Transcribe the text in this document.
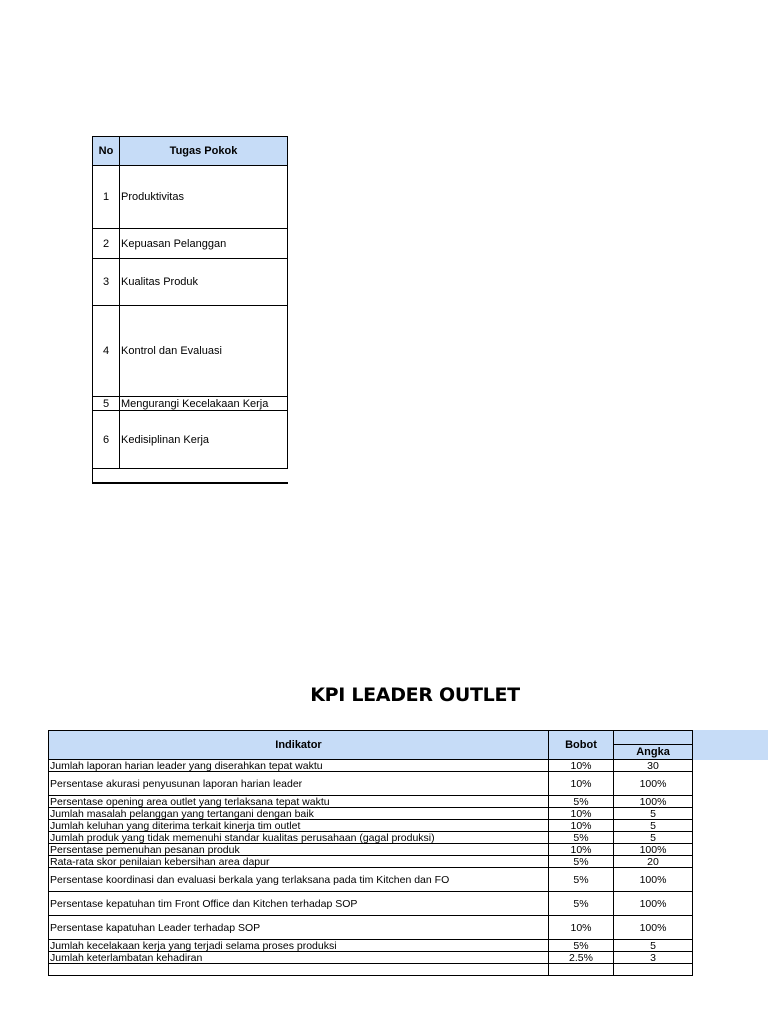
No	Tugas Pokok
1	Produktivitas
2	Kepuasan Pelanggan
3	Kualitas Produk
4	Kontrol dan Evaluasi
5	Mengurangi Kecelakaan Kerja
6	Kedisiplinan Kerja
KPI LEADER OUTLET
Indikator	Bobot
Angka
Jumlah laporan harian leader yang diserahkan tepat waktu	10%	30
Persentase akurasi penyusunan laporan harian leader	10%	100%
Persentase opening area outlet yang terlaksana tepat waktu	5%	100%
Jumlah masalah pelanggan yang tertangani dengan baik	10%	5
Jumlah keluhan yang diterima terkait kinerja tim outlet	10%	5
Jumlah produk yang tidak memenuhi standar kualitas perusahaan (gagal produksi)	5%	5
Persentase pemenuhan pesanan produk	10%	100%
Rata-rata skor penilaian kebersihan area dapur	5%	20
Persentase koordinasi dan evaluasi berkala yang terlaksana pada tim Kitchen dan FO	5%	100%
Persentase kepatuhan tim Front Office dan Kitchen terhadap SOP	5%	100%
Persentase kapatuhan Leader terhadap SOP	10%	100%
Jumlah kecelakaan kerja yang terjadi selama proses produksi	5%	5
Jumlah keterlambatan kehadiran	2.5%	3
